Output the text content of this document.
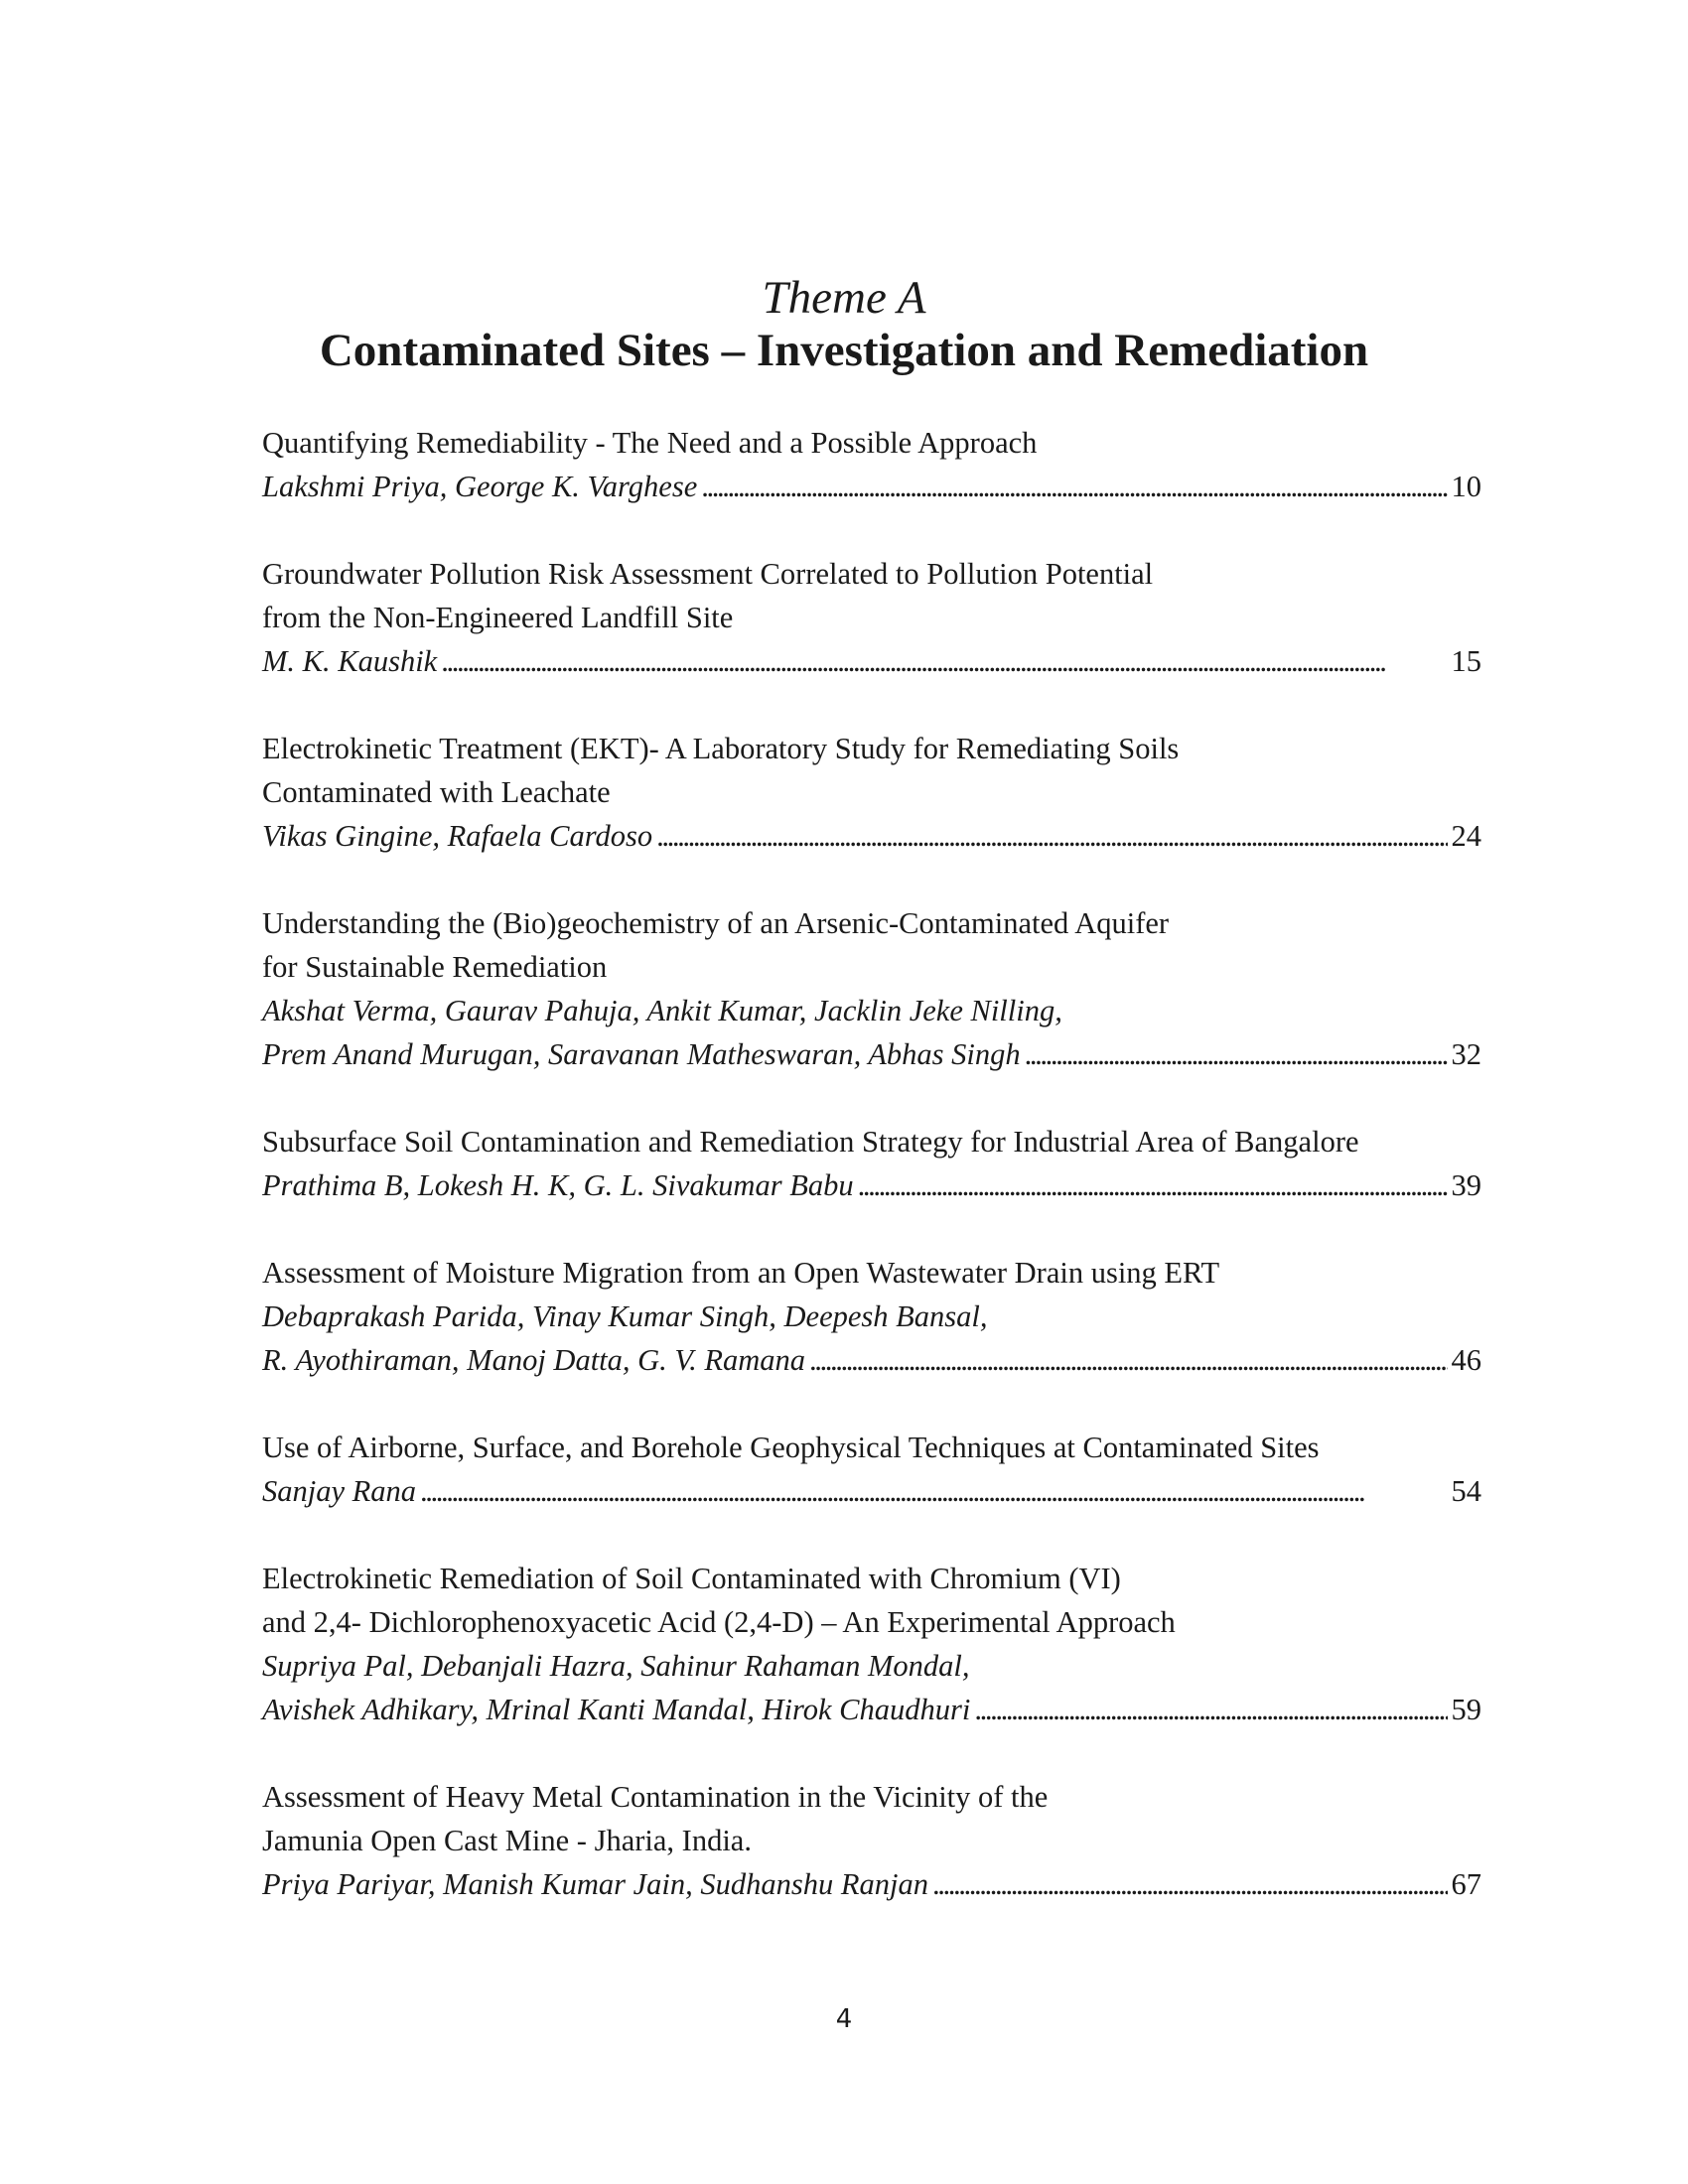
Theme A
Contaminated Sites – Investigation and Remediation
Quantifying Remediability - The Need and a Possible Approach
Lakshmi Priya, George K. Varghese . . .	10
Groundwater Pollution Risk Assessment Correlated to Pollution Potential
from the Non-Engineered Landfill Site
M. K. Kaushik . . .	15
Electrokinetic Treatment (EKT)- A Laboratory Study for Remediating Soils
Contaminated with Leachate
Vikas Gingine, Rafaela Cardoso . . .	24
Understanding the (Bio)geochemistry of an Arsenic-Contaminated Aquifer
for Sustainable Remediation
Akshat Verma, Gaurav Pahuja, Ankit Kumar, Jacklin Jeke Nilling,
Prem Anand Murugan, Saravanan Matheswaran, Abhas Singh . . .	32
Subsurface Soil Contamination and Remediation Strategy for Industrial Area of Bangalore
Prathima B, Lokesh H. K, G. L. Sivakumar Babu . . .	39
Assessment of Moisture Migration from an Open Wastewater Drain using ERT
Debaprakash Parida, Vinay Kumar Singh, Deepesh Bansal,
R. Ayothiraman, Manoj Datta, G. V. Ramana . . .	46
Use of Airborne, Surface, and Borehole Geophysical Techniques at Contaminated Sites
Sanjay Rana . . .	54
Electrokinetic Remediation of Soil Contaminated with Chromium (VI)
and 2,4- Dichlorophenoxyacetic Acid (2,4-D) – An Experimental Approach
Supriya Pal, Debanjali Hazra, Sahinur Rahaman Mondal,
Avishek Adhikary, Mrinal Kanti Mandal, Hirok Chaudhuri . . .	59
Assessment of Heavy Metal Contamination in the Vicinity of the
Jamunia Open Cast Mine - Jharia, India.
Priya Pariyar, Manish Kumar Jain, Sudhanshu Ranjan . . .	67
4
